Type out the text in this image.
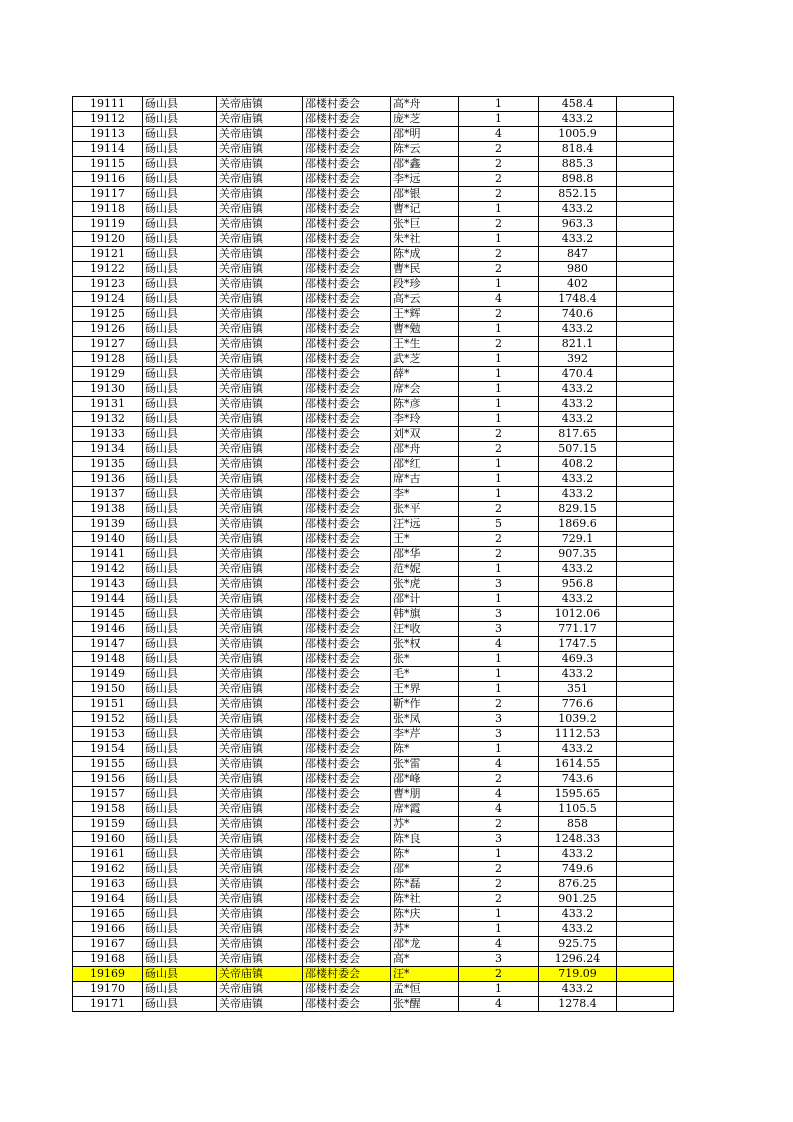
19111	砀山县	关帝庙镇	邵楼村委会	高*舟	1	458.4	
19112	砀山县	关帝庙镇	邵楼村委会	庞*芝	1	433.2	
19113	砀山县	关帝庙镇	邵楼村委会	邵*明	4	1005.9	
19114	砀山县	关帝庙镇	邵楼村委会	陈*云	2	818.4	
19115	砀山县	关帝庙镇	邵楼村委会	邵*鑫	2	885.3	
19116	砀山县	关帝庙镇	邵楼村委会	李*远	2	898.8	
19117	砀山县	关帝庙镇	邵楼村委会	邵*银	2	852.15	
19118	砀山县	关帝庙镇	邵楼村委会	曹*记	1	433.2	
19119	砀山县	关帝庙镇	邵楼村委会	张*巨	2	963.3	
19120	砀山县	关帝庙镇	邵楼村委会	朱*社	1	433.2	
19121	砀山县	关帝庙镇	邵楼村委会	陈*成	2	847	
19122	砀山县	关帝庙镇	邵楼村委会	曹*民	2	980	
19123	砀山县	关帝庙镇	邵楼村委会	段*珍	1	402	
19124	砀山县	关帝庙镇	邵楼村委会	高*云	4	1748.4	
19125	砀山县	关帝庙镇	邵楼村委会	王*辉	2	740.6	
19126	砀山县	关帝庙镇	邵楼村委会	曹*勉	1	433.2	
19127	砀山县	关帝庙镇	邵楼村委会	王*生	2	821.1	
19128	砀山县	关帝庙镇	邵楼村委会	武*芝	1	392	
19129	砀山县	关帝庙镇	邵楼村委会	薛*	1	470.4	
19130	砀山县	关帝庙镇	邵楼村委会	席*会	1	433.2	
19131	砀山县	关帝庙镇	邵楼村委会	陈*彦	1	433.2	
19132	砀山县	关帝庙镇	邵楼村委会	李*玲	1	433.2	
19133	砀山县	关帝庙镇	邵楼村委会	刘*双	2	817.65	
19134	砀山县	关帝庙镇	邵楼村委会	邵*舟	2	507.15	
19135	砀山县	关帝庙镇	邵楼村委会	邵*红	1	408.2	
19136	砀山县	关帝庙镇	邵楼村委会	席*古	1	433.2	
19137	砀山县	关帝庙镇	邵楼村委会	李*	1	433.2	
19138	砀山县	关帝庙镇	邵楼村委会	张*平	2	829.15	
19139	砀山县	关帝庙镇	邵楼村委会	汪*远	5	1869.6	
19140	砀山县	关帝庙镇	邵楼村委会	王*	2	729.1	
19141	砀山县	关帝庙镇	邵楼村委会	邵*华	2	907.35	
19142	砀山县	关帝庙镇	邵楼村委会	范*妮	1	433.2	
19143	砀山县	关帝庙镇	邵楼村委会	张*虎	3	956.8	
19144	砀山县	关帝庙镇	邵楼村委会	邵*计	1	433.2	
19145	砀山县	关帝庙镇	邵楼村委会	韩*旗	3	1012.06	
19146	砀山县	关帝庙镇	邵楼村委会	汪*收	3	771.17	
19147	砀山县	关帝庙镇	邵楼村委会	张*权	4	1747.5	
19148	砀山县	关帝庙镇	邵楼村委会	张*	1	469.3	
19149	砀山县	关帝庙镇	邵楼村委会	毛*	1	433.2	
19150	砀山县	关帝庙镇	邵楼村委会	王*界	1	351	
19151	砀山县	关帝庙镇	邵楼村委会	靳*作	2	776.6	
19152	砀山县	关帝庙镇	邵楼村委会	张*凤	3	1039.2	
19153	砀山县	关帝庙镇	邵楼村委会	李*芹	3	1112.53	
19154	砀山县	关帝庙镇	邵楼村委会	陈*	1	433.2	
19155	砀山县	关帝庙镇	邵楼村委会	张*雷	4	1614.55	
19156	砀山县	关帝庙镇	邵楼村委会	邵*峰	2	743.6	
19157	砀山县	关帝庙镇	邵楼村委会	曹*朋	4	1595.65	
19158	砀山县	关帝庙镇	邵楼村委会	席*霞	4	1105.5	
19159	砀山县	关帝庙镇	邵楼村委会	苏*	2	858	
19160	砀山县	关帝庙镇	邵楼村委会	陈*良	3	1248.33	
19161	砀山县	关帝庙镇	邵楼村委会	陈*	1	433.2	
19162	砀山县	关帝庙镇	邵楼村委会	邵*	2	749.6	
19163	砀山县	关帝庙镇	邵楼村委会	陈*磊	2	876.25	
19164	砀山县	关帝庙镇	邵楼村委会	陈*社	2	901.25	
19165	砀山县	关帝庙镇	邵楼村委会	陈*庆	1	433.2	
19166	砀山县	关帝庙镇	邵楼村委会	苏*	1	433.2	
19167	砀山县	关帝庙镇	邵楼村委会	邵*龙	4	925.75	
19168	砀山县	关帝庙镇	邵楼村委会	高*	3	1296.24	
19169	砀山县	关帝庙镇	邵楼村委会	汪*	2	719.09	
19170	砀山县	关帝庙镇	邵楼村委会	孟*恒	1	433.2	
19171	砀山县	关帝庙镇	邵楼村委会	张*醒	4	1278.4	
